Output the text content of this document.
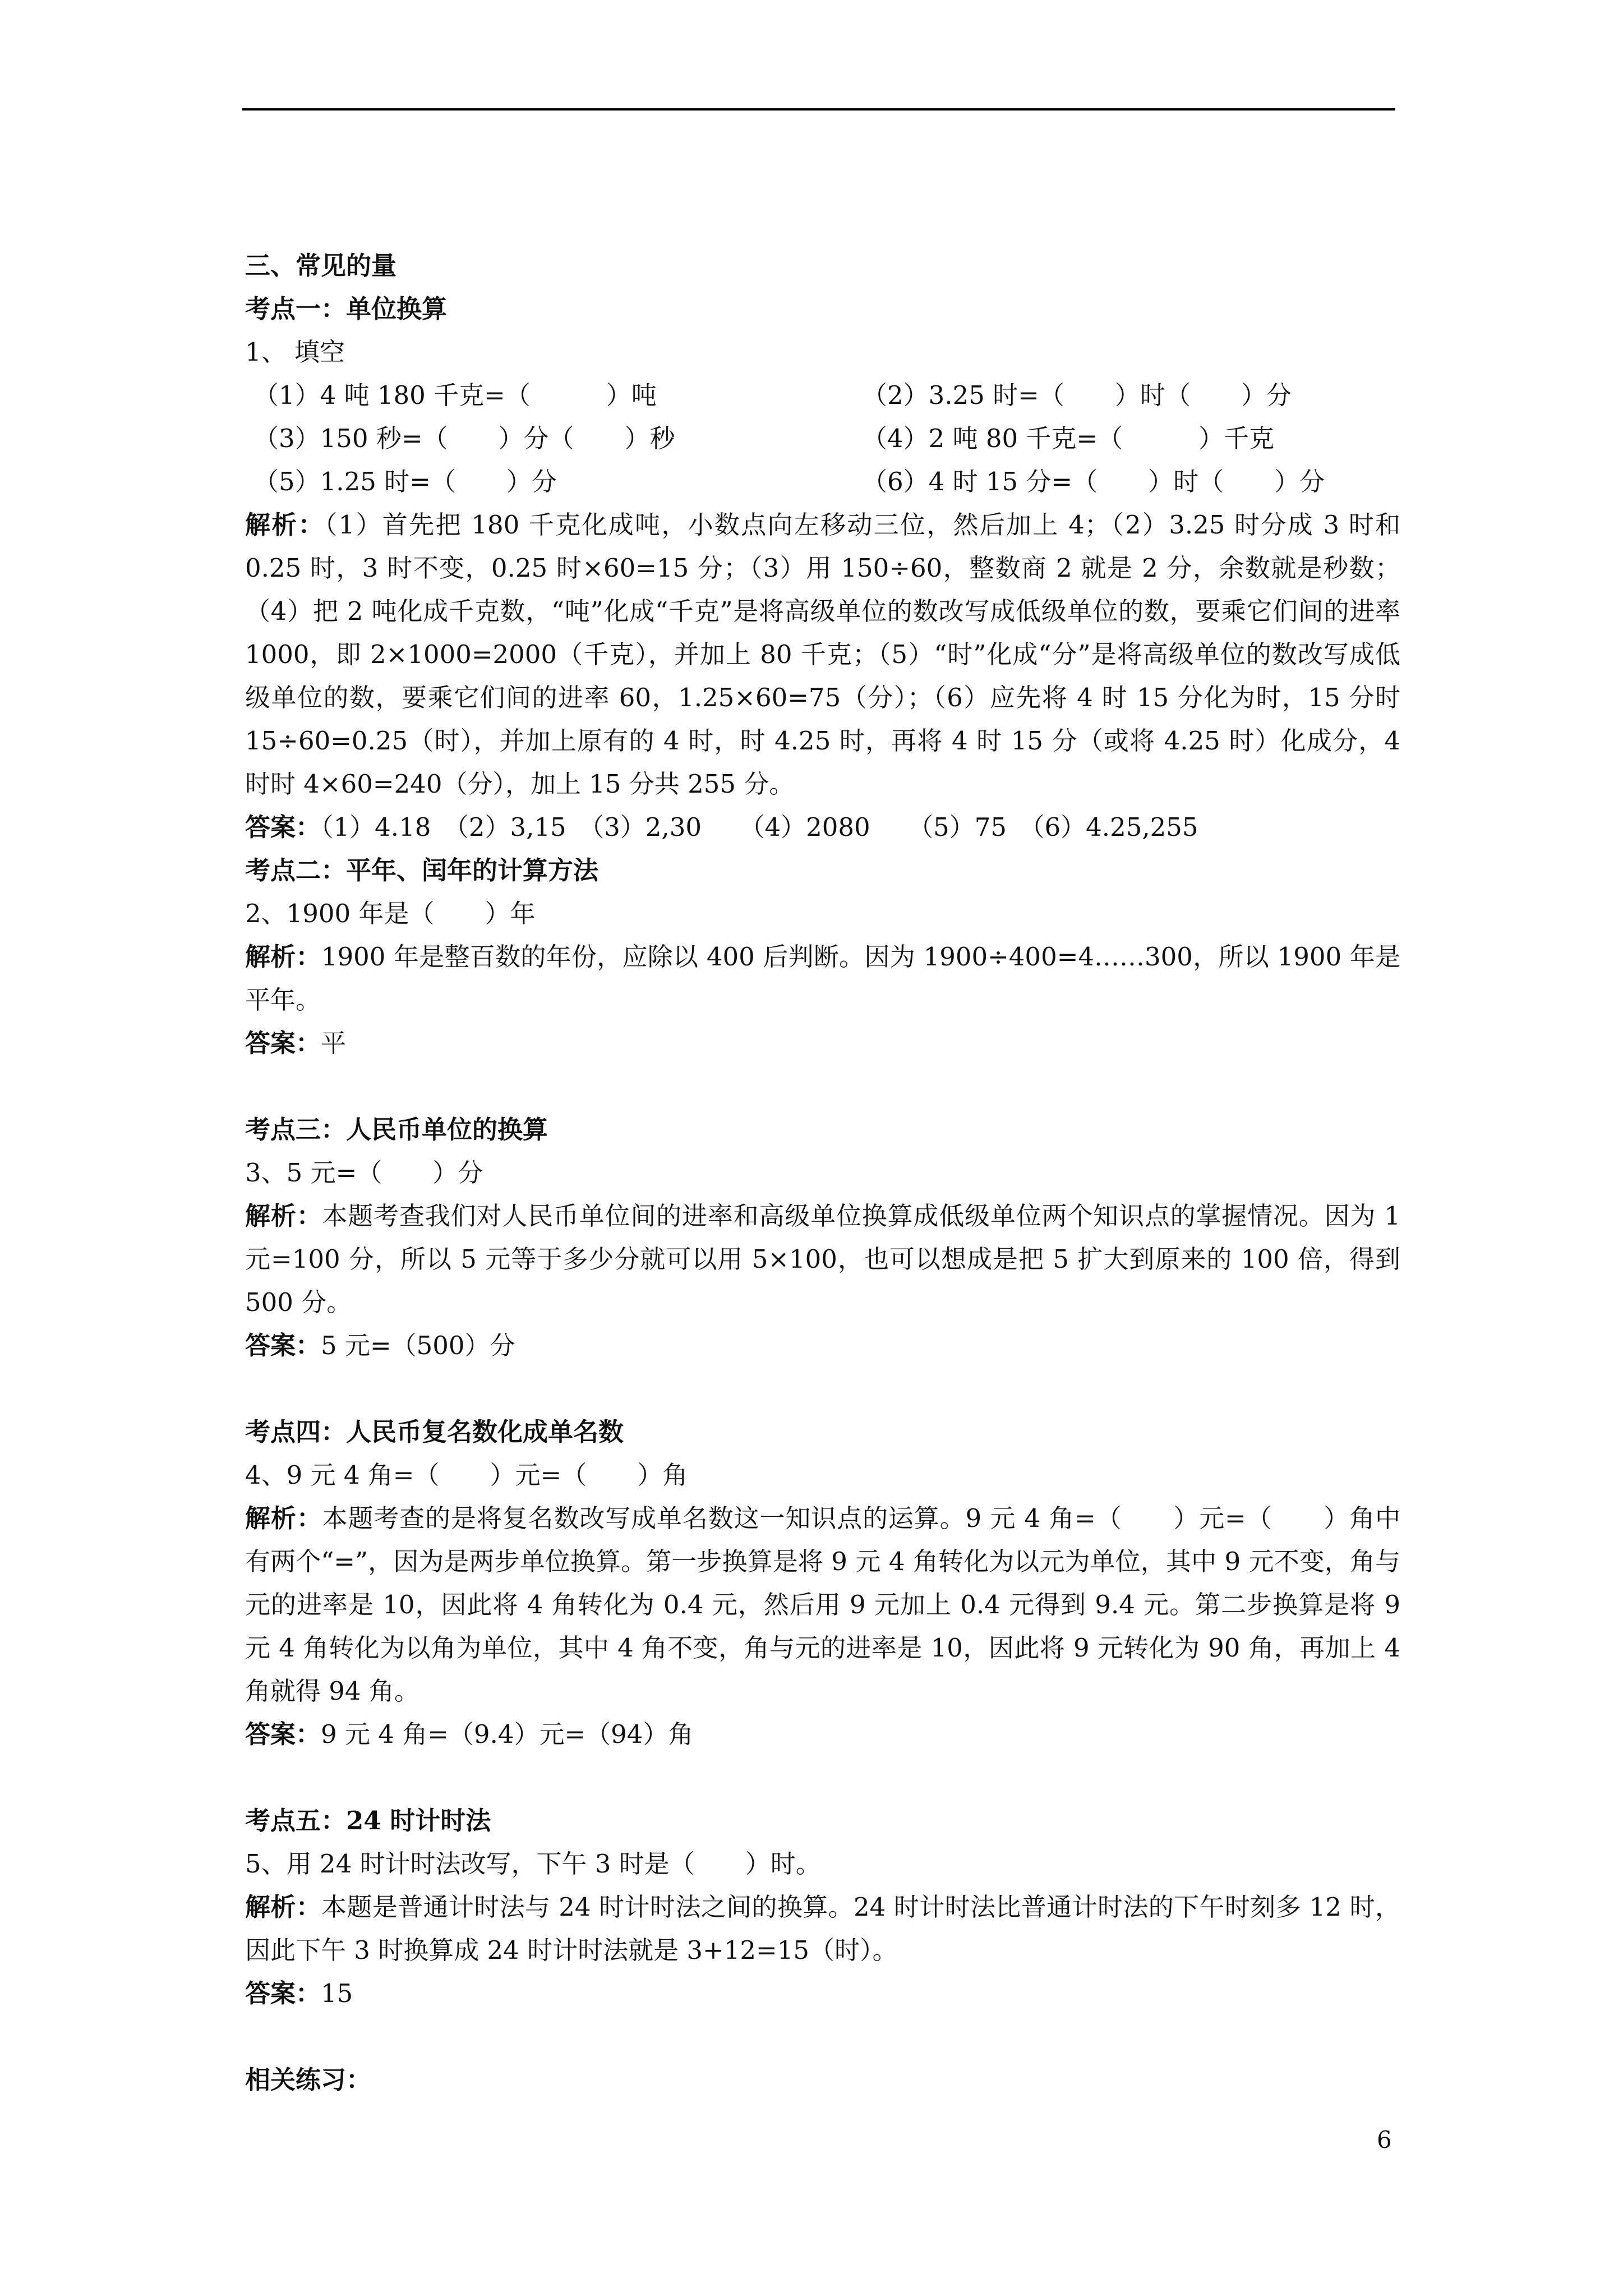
三、常见的量
考点一：单位换算
1、 填空
（1）4 吨 180 千克=（　　　）吨	（2）3.25 时=（　　）时（　　）分
（3）150 秒=（　　）分（　　）秒	（4）2 吨 80 千克=（　　　）千克
（5）1.25 时=（　　）分	（6）4 时 15 分=（　　）时（　　）分
解析：（1）首先把 180 千克化成吨，小数点向左移动三位，然后加上 4；（2）3.25 时分成 3 时和 0.25 时，3 时不变，0.25 时×60=15 分；（3）用 150÷60，整数商 2 就是 2 分，余数就是秒数；（4）把 2 吨化成千克数，“吨”化成“千克”是将高级单位的数改写成低级单位的数，要乘它们间的进率 1000，即 2×1000=2000（千克），并加上 80 千克；（5）“时”化成“分”是将高级单位的数改写成低级单位的数，要乘它们间的进率 60，1.25×60=75（分）；（6）应先将 4 时 15 分化为时，15 分时 15÷60=0.25（时），并加上原有的 4 时，时 4.25 时，再将 4 时 15 分（或将 4.25 时）化成分，4 时时 4×60=240（分），加上 15 分共 255 分。
答案：（1）4.18　（2）3,15　（3）2,30　　（4）2080　　（5）75　（6）4.25,255
考点二：平年、闰年的计算方法
2、1900 年是（　　）年
解析：1900 年是整百数的年份，应除以 400 后判断。因为 1900÷400=4……300，所以 1900 年是平年。
答案：平
考点三：人民币单位的换算
3、5 元=（　　）分
解析：本题考查我们对人民币单位间的进率和高级单位换算成低级单位两个知识点的掌握情况。因为 1 元=100 分，所以 5 元等于多少分就可以用 5×100，也可以想成是把 5 扩大到原来的 100 倍，得到 500 分。
答案：5 元=（500）分
考点四：人民币复名数化成单名数
4、9 元 4 角=（　　）元=（　　）角
解析：本题考查的是将复名数改写成单名数这一知识点的运算。9 元 4 角=（　　）元=（　　）角中有两个“=”，因为是两步单位换算。第一步换算是将 9 元 4 角转化为以元为单位，其中 9 元不变，角与元的进率是 10，因此将 4 角转化为 0.4 元，然后用 9 元加上 0.4 元得到 9.4 元。第二步换算是将 9 元 4 角转化为以角为单位，其中 4 角不变，角与元的进率是 10，因此将 9 元转化为 90 角，再加上 4 角就得 94 角。
答案：9 元 4 角=（9.4）元=（94）角
考点五：24 时计时法
5、用 24 时计时法改写，下午 3 时是（　　）时。
解析：本题是普通计时法与 24 时计时法之间的换算。24 时计时法比普通计时法的下午时刻多 12 时，因此下午 3 时换算成 24 时计时法就是 3+12=15（时）。
答案：15
相关练习：
6
